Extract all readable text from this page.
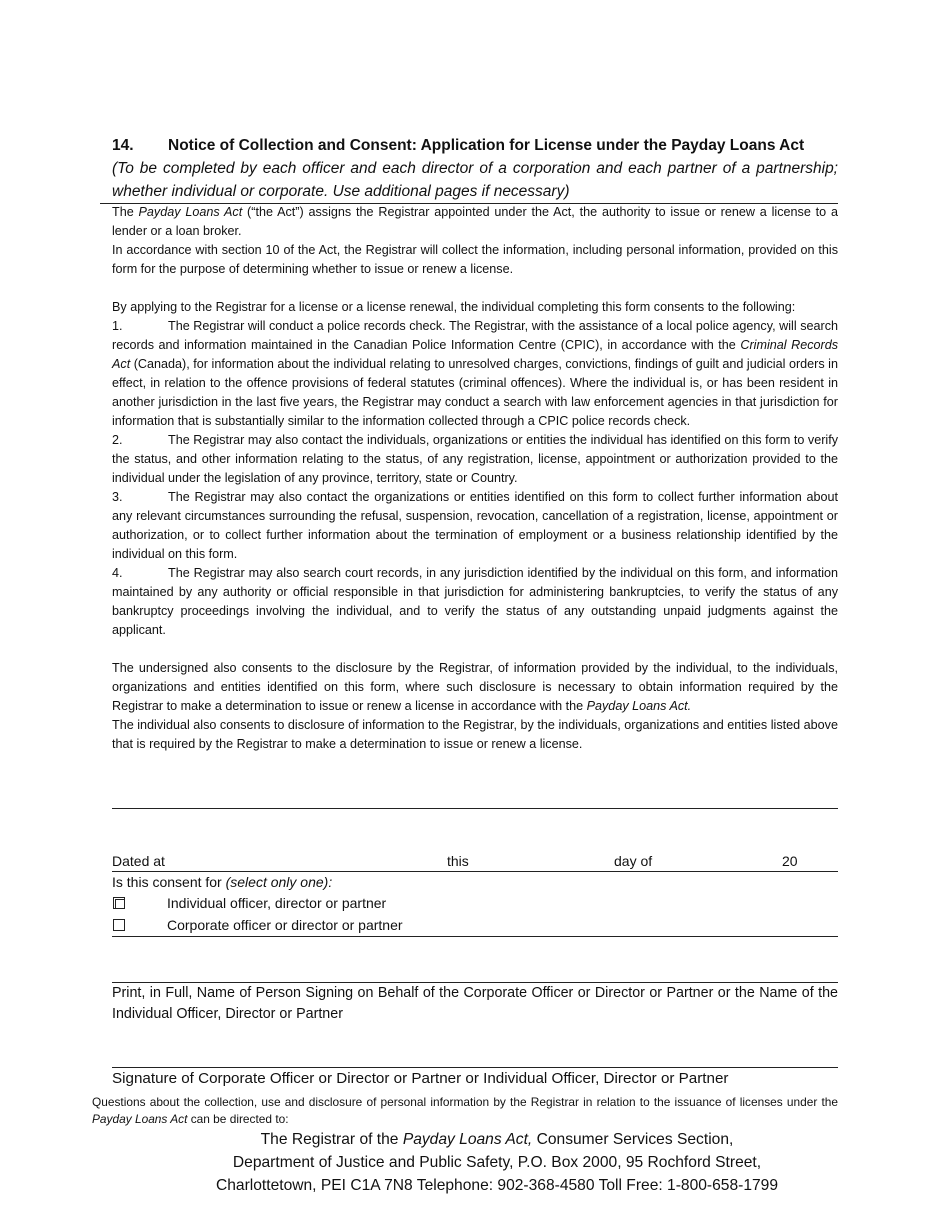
14. Notice of Collection and Consent: Application for License under the Payday Loans Act
(To be completed by each officer and each director of a corporation and each partner of a partnership; whether individual or corporate. Use additional pages if necessary)

The Payday Loans Act (“the Act”) assigns the Registrar appointed under the Act, the authority to issue or renew a license to a lender or a loan broker.

In accordance with section 10 of the Act, the Registrar will collect the information, including personal information, provided on this form for the purpose of determining whether to issue or renew a license.

By applying to the Registrar for a license or a license renewal, the individual completing this form consents to the following:

1.	The Registrar will conduct a police records check. The Registrar, with the assistance of a local police agency, will search records and information maintained in the Canadian Police Information Centre (CPIC), in accordance with the Criminal Records Act (Canada), for information about the individual relating to unresolved charges, convictions, findings of guilt and judicial orders in effect, in relation to the offence provisions of federal statutes (criminal offences). Where the individual is, or has been resident in another jurisdiction in the last five years, the Registrar may conduct a search with law enforcement agencies in that jurisdiction for information that is substantially similar to the information collected through a CPIC police records check.

2.	The Registrar may also contact the individuals, organizations or entities the individual has identified on this form to verify the status, and other information relating to the status, of any registration, license, appointment or authorization provided to the individual under the legislation of any province, territory, state or Country.

3.	The Registrar may also contact the organizations or entities identified on this form to collect further information about any relevant circumstances surrounding the refusal, suspension, revocation, cancellation of a registration, license, appointment or authorization, or to collect further information about the termination of employment or a business relationship identified by the individual on this form.

4.	The Registrar may also search court records, in any jurisdiction identified by the individual on this form, and information maintained by any authority or official responsible in that jurisdiction for administering bankruptcies, to verify the status of any bankruptcy proceedings involving the individual, and to verify the status of any outstanding unpaid judgments against the applicant.

The undersigned also consents to the disclosure by the Registrar, of information provided by the individual, to the individuals, organizations and entities identified on this form, where such disclosure is necessary to obtain information required by the Registrar to make a determination to issue or renew a license in accordance with the Payday Loans Act.

The individual also consents to disclosure of information to the Registrar, by the individuals, organizations and entities listed above that is required by the Registrar to make a determination to issue or renew a license.

Dated at	this	day of	20
Is this consent for (select only one):
Individual officer, director or partner
Corporate officer or director or partner
Print, in Full, Name of Person Signing on Behalf of the Corporate Officer or Director or Partner or the Name of the Individual Officer, Director or Partner
Signature of Corporate Officer or Director or Partner or Individual Officer, Director or Partner
Questions about the collection, use and disclosure of personal information by the Registrar in relation to the issuance of licenses under the Payday Loans Act can be directed to:
The Registrar of the Payday Loans Act, Consumer Services Section,
Department of Justice and Public Safety, P.O. Box 2000, 95 Rochford Street,
Charlottetown, PEI C1A 7N8 Telephone: 902-368-4580 Toll Free: 1-800-658-1799
